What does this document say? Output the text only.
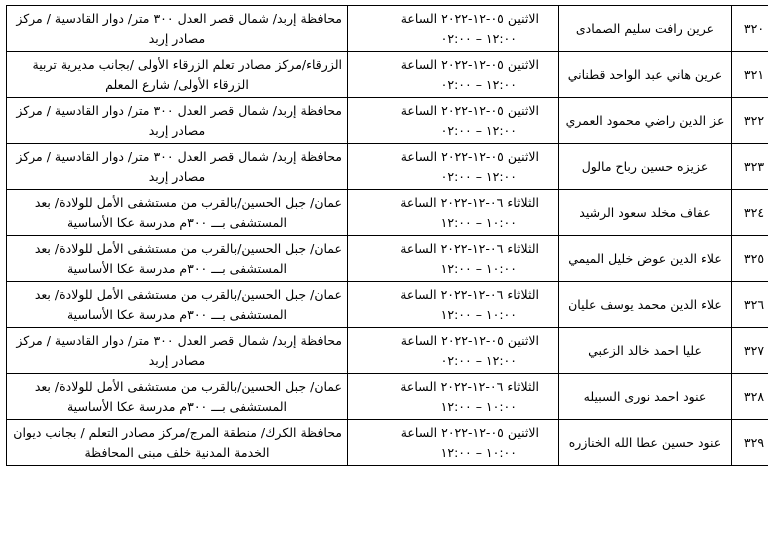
٣٢٠	عرين رافت سليم الصمادى	الاثنين ٠٥-١٢-٢٠٢٢ الساعة
١٢:٠٠ – ٠٢:٠٠	محافظة إربد/ شمال قصر العدل ٣٠٠ متر/ دوار القادسية / مركز
مصادر إربد

٣٢١	عرين هاني عبد الواحد قطناني	الاثنين ٠٥-١٢-٢٠٢٢ الساعة
١٢:٠٠ – ٠٢:٠٠	الزرقاء/مركز مصادر تعلم الزرقاء الأولى /بجانب مديرية تربية
الزرقاء الأولى/ شارع المعلم

٣٢٢	عز الدين راضي محمود العمري	الاثنين ٠٥-١٢-٢٠٢٢ الساعة
١٢:٠٠ – ٠٢:٠٠	محافظة إربد/ شمال قصر العدل ٣٠٠ متر/ دوار القادسية / مركز
مصادر إربد

٣٢٣	عزيزه حسين رباح مالول	الاثنين ٠٥-١٢-٢٠٢٢ الساعة
١٢:٠٠ – ٠٢:٠٠	محافظة إربد/ شمال قصر العدل ٣٠٠ متر/ دوار القادسية / مركز
مصادر إربد

٣٢٤	عفاف مخلد سعود الرشيد	الثلاثاء ٠٦-١٢-٢٠٢٢ الساعة
١٠:٠٠ – ١٢:٠٠	عمان/ جبل الحسين/بالقرب من مستشفى الأمل للولادة/ بعد
المستشفى بـــ ٣٠٠م مدرسة عكا الأساسية

٣٢٥	علاء الدين عوض خليل الميمي	الثلاثاء ٠٦-١٢-٢٠٢٢ الساعة
١٠:٠٠ – ١٢:٠٠	عمان/ جبل الحسين/بالقرب من مستشفى الأمل للولادة/ بعد
المستشفى بـــ ٣٠٠م مدرسة عكا الأساسية

٣٢٦	علاء الدين محمد يوسف عليان	الثلاثاء ٠٦-١٢-٢٠٢٢ الساعة
١٠:٠٠ – ١٢:٠٠	عمان/ جبل الحسين/بالقرب من مستشفى الأمل للولادة/ بعد
المستشفى بـــ ٣٠٠م مدرسة عكا الأساسية

٣٢٧	عليا احمد خالد الزعبي	الاثنين ٠٥-١٢-٢٠٢٢ الساعة
١٢:٠٠ – ٠٢:٠٠	محافظة إربد/ شمال قصر العدل ٣٠٠ متر/ دوار القادسية / مركز
مصادر إربد

٣٢٨	عنود احمد نورى السبيله	الثلاثاء ٠٦-١٢-٢٠٢٢ الساعة
١٠:٠٠ – ١٢:٠٠	عمان/ جبل الحسين/بالقرب من مستشفى الأمل للولادة/ بعد
المستشفى بـــ ٣٠٠م مدرسة عكا الأساسية

٣٢٩	عنود حسين عطا الله الخنازره	الاثنين ٠٥-١٢-٢٠٢٢ الساعة
١٠:٠٠ – ١٢:٠٠	محافظة الكرك/ منطقة المرج/مركز مصادر التعلم / بجانب ديوان
الخدمة المدنية خلف مبنى المحافظة
